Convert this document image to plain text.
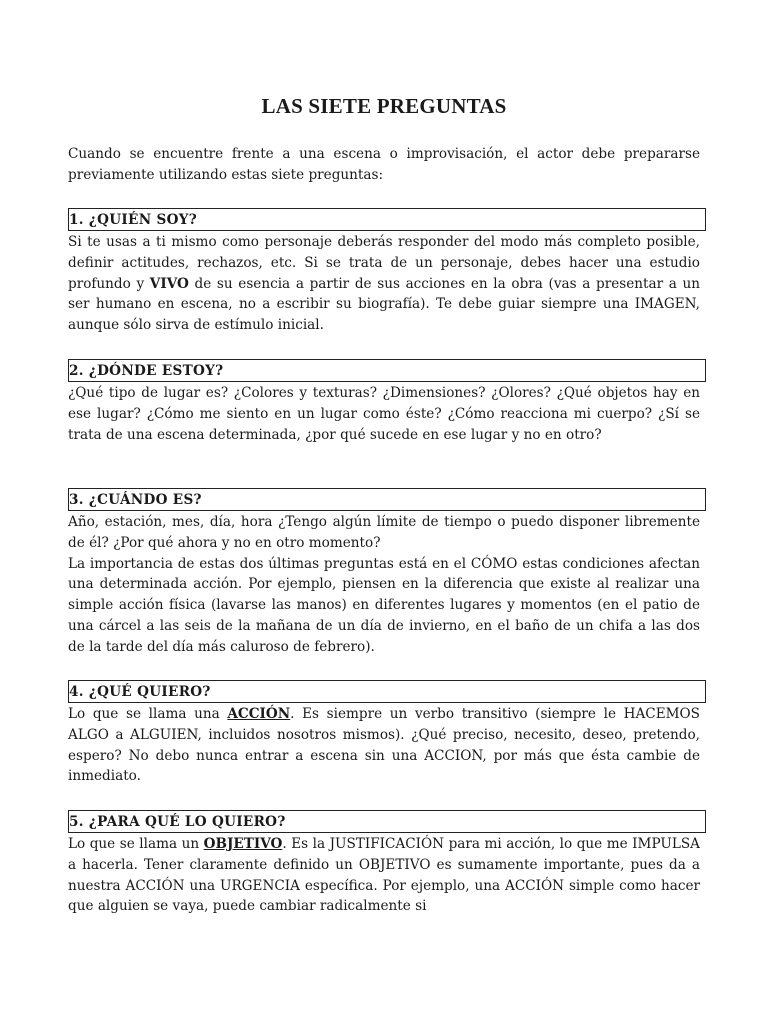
LAS SIETE PREGUNTAS

Cuando se encuentre frente a una escena o improvisación, el actor debe prepararse previamente utilizando estas siete preguntas:

1. ¿QUIÉN SOY?
Si te usas a ti mismo como personaje deberás responder del modo más completo posible, definir actitudes, rechazos, etc. Si se trata de un personaje, debes hacer una estudio profundo y VIVO de su esencia a partir de sus acciones en la obra (vas a presentar a un ser humano en escena, no a escribir su biografía). Te debe guiar siempre una IMAGEN, aunque sólo sirva de estímulo inicial.
2. ¿DÓNDE ESTOY?
¿Qué tipo de lugar es? ¿Colores y texturas? ¿Dimensiones? ¿Olores? ¿Qué objetos hay en ese lugar? ¿Cómo me siento en un lugar como éste? ¿Cómo reacciona mi cuerpo? ¿Sí se trata de una escena determinada, ¿por qué sucede en ese lugar y no en otro?
3. ¿CUÁNDO ES?

Año, estación, mes, día, hora ¿Tengo algún límite de tiempo o puedo disponer libremente de él? ¿Por qué ahora y no en otro momento?

La importancia de estas dos últimas preguntas está en el CÓMO estas condiciones afectan una determinada acción. Por ejemplo, piensen en la diferencia que existe al realizar una simple acción física (lavarse las manos) en diferentes lugares y momentos (en el patio de una cárcel a las seis de la mañana de un día de invierno, en el baño de un chifa a las dos de la tarde del día más caluroso de febrero).

4. ¿QUÉ QUIERO?
Lo que se llama una ACCIÓN. Es siempre un verbo transitivo (siempre le HACEMOS ALGO a ALGUIEN, incluidos nosotros mismos). ¿Qué preciso, necesito, deseo, pretendo, espero? No debo nunca entrar a escena sin una ACCION, por más que ésta cambie de inmediato.
5. ¿PARA QUÉ LO QUIERO?
Lo que se llama un OBJETIVO. Es la JUSTIFICACIÓN para mi acción, lo que me IMPULSA a hacerla. Tener claramente definido un OBJETIVO es sumamente importante, pues da a nuestra ACCIÓN una URGENCIA específica. Por ejemplo, una ACCIÓN simple como hacer que alguien se vaya, puede cambiar radicalmente si
